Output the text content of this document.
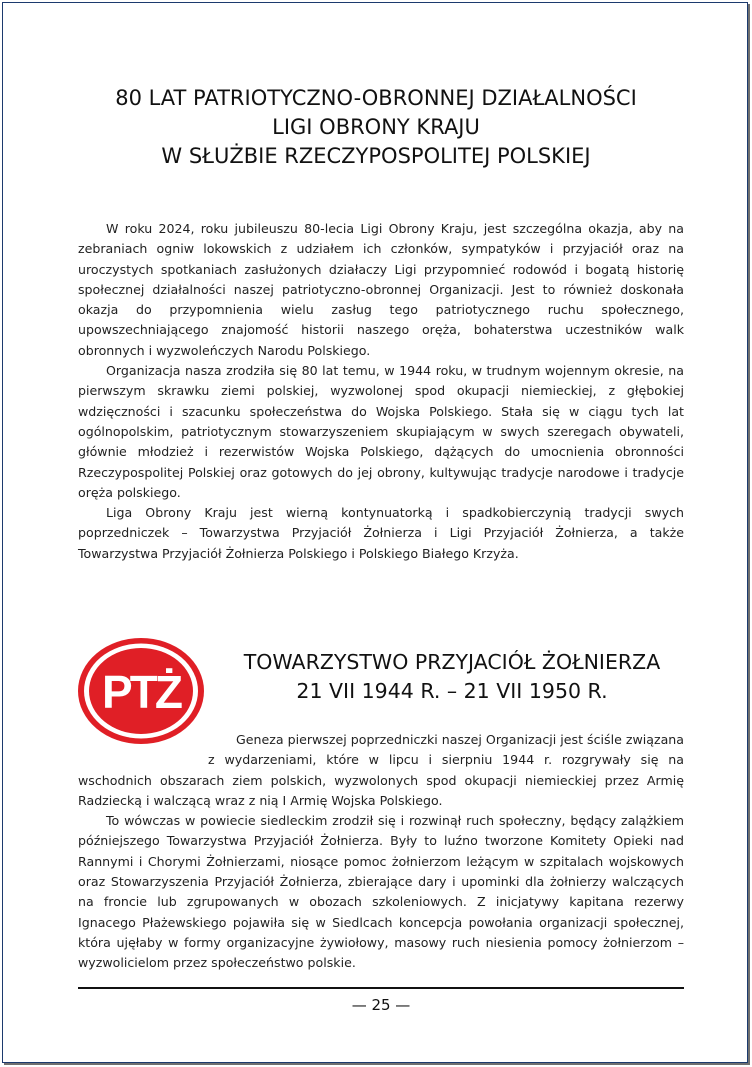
80 LAT PATRIOTYCZNO-OBRONNEJ DZIAŁALNOŚCI
LIGI OBRONY KRAJU
W SŁUŻBIE RZECZYPOSPOLITEJ POLSKIEJ

W roku 2024, roku jubileuszu 80-lecia Ligi Obrony Kraju, jest szczególna okazja, aby na zebraniach ogniw lokowskich z udziałem ich członków, sympatyków i przyjaciół oraz na uroczystych spotkaniach zasłużonych działaczy Ligi przypomnieć rodowód i bogatą historię społecznej działalności naszej patriotyczno-obronnej Organizacji. Jest to również doskonała okazja do przypomnienia wielu zasług tego patriotycznego ruchu społecznego, upowszechniającego znajomość historii naszego oręża, bohaterstwa uczestników walk obronnych i wyzwoleńczych Narodu Polskiego.

Organizacja nasza zrodziła się 80 lat temu, w 1944 roku, w trudnym wojennym okresie, na pierwszym skrawku ziemi polskiej, wyzwolonej spod okupacji niemieckiej, z głębokiej wdzięczności i szacunku społeczeństwa do Wojska Polskiego. Stała się w ciągu tych lat ogólnopolskim, patriotycznym stowarzyszeniem skupiającym w swych szeregach obywateli, głównie młodzież i rezerwistów Wojska Polskiego, dążących do umocnienia obronności Rzeczypospolitej Polskiej oraz gotowych do jej obrony, kultywując tradycje narodowe i tradycje oręża polskiego.

Liga Obrony Kraju jest wierną kontynuatorką i spadkobierczynią tradycji swych poprzedniczek – Towarzystwa Przyjaciół Żołnierza i Ligi Przyjaciół Żołnierza, a także Towarzystwa Przyjaciół Żołnierza Polskiego i Polskiego Białego Krzyża.

PTŻ
TOWARZYSTWO PRZYJACIÓŁ ŻOŁNIERZA
21 VII 1944 R. – 21 VII 1950 R.

Geneza pierwszej poprzedniczki naszej Organizacji jest ściśle związana z wydarzeniami, które w lipcu i sierpniu 1944 r. rozgrywały się na wschodnich obszarach ziem polskich, wyzwolonych spod okupacji niemieckiej przez Armię Radziecką i walczącą wraz z nią I Armię Wojska Polskiego.

To wówczas w powiecie siedleckim zrodził się i rozwinął ruch społeczny, będący zalążkiem późniejszego Towarzystwa Przyjaciół Żołnierza. Były to luźno tworzone Komitety Opieki nad Rannymi i Chorymi Żołnierzami, niosące pomoc żołnierzom leżącym w szpitalach wojskowych oraz Stowarzyszenia Przyjaciół Żołnierza, zbierające dary i upominki dla żołnierzy walczących na froncie lub zgrupowanych w obozach szkoleniowych. Z inicjatywy kapitana rezerwy Ignacego Płażewskiego pojawiła się w Siedlcach koncepcja powołania organizacji społecznej, która ujęłaby w formy organizacyjne żywiołowy, masowy ruch niesienia pomocy żołnierzom – wyzwolicielom przez społeczeństwo polskie.

— 25 —
